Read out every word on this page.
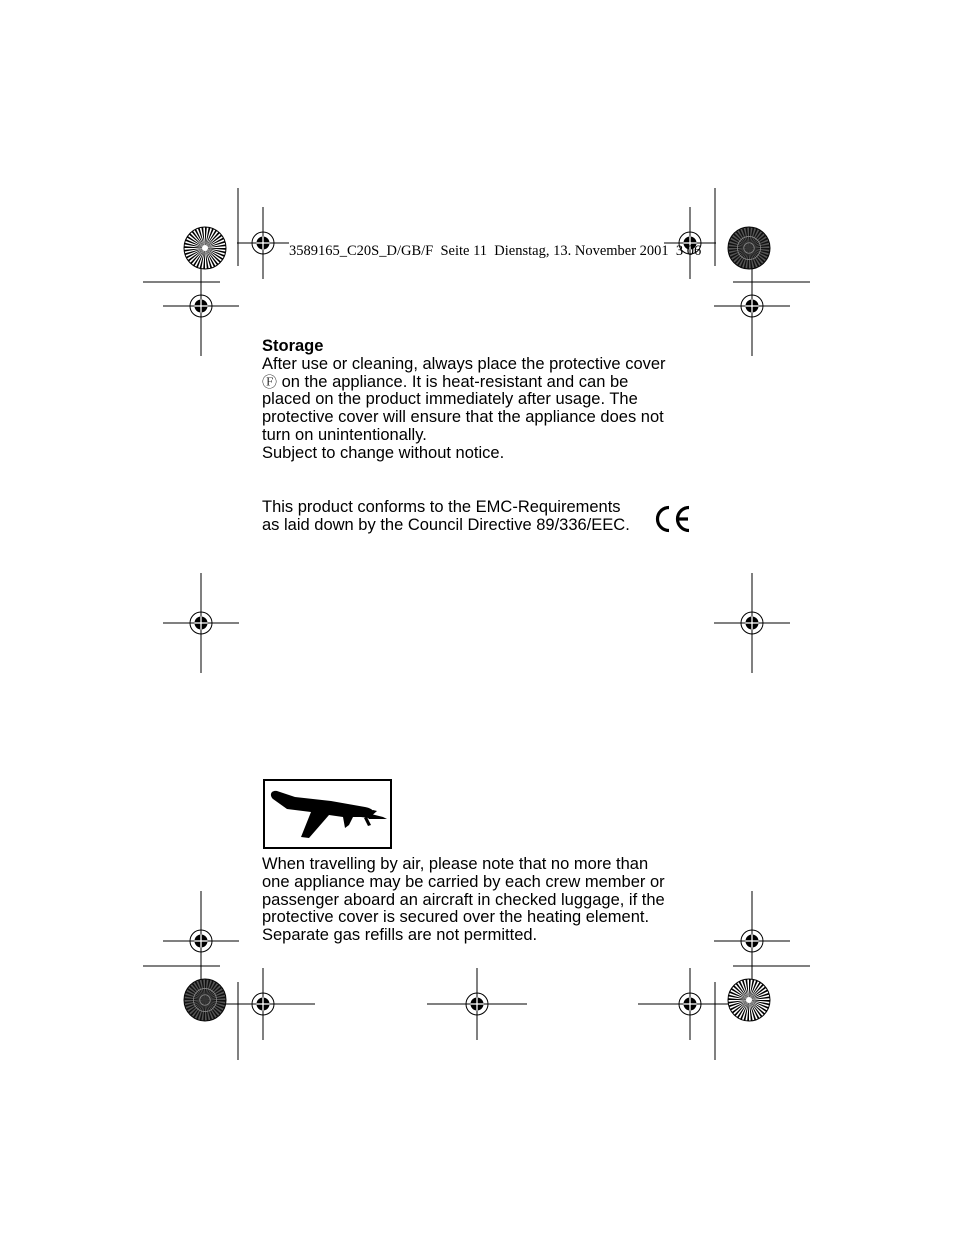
3589165_C20S_D/GB/F  Seite 11  Dienstag, 13. November 2001  3 06
Storage
After use or cleaning, always place the protective cover
Ⓕ on the appliance. It is heat-resistant and can be
placed on the product immediately after usage. The
protective cover will ensure that the appliance does not
turn on unintentionally.
Subject to change without notice.
This product conforms to the EMC-Requirements
as laid down by the Council Directive 89/336/EEC.
When travelling by air, please note that no more than
one appliance may be carried by each crew member or
passenger aboard an aircraft in checked luggage, if the
protective cover is secured over the heating element.
Separate gas refills are not permitted.
